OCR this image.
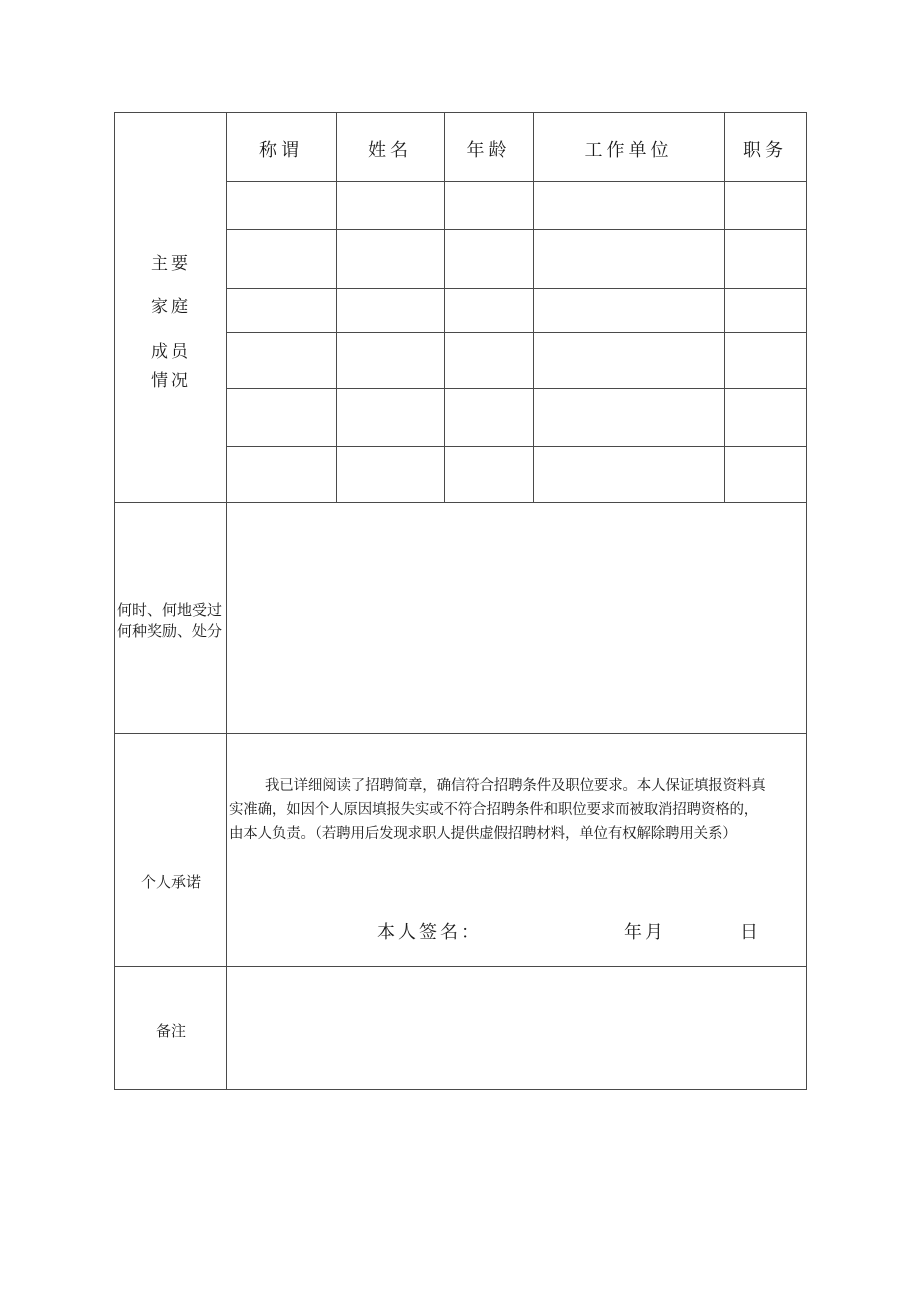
主要
家庭
成员
情况
称谓	姓名	年龄	工作单位	职务
何时、何地受过
何种奖励、处分
个人承诺
我已详细阅读了招聘简章，确信符合招聘条件及职位要求。本人保证填报资料真
实准确，如因个人原因填报失实或不符合招聘条件和职位要求而被取消招聘资格的，
由本人负责。（若聘用后发现求职人提供虚假招聘材料，单位有权解除聘用关系）
本人签名：	年月	日
备注
